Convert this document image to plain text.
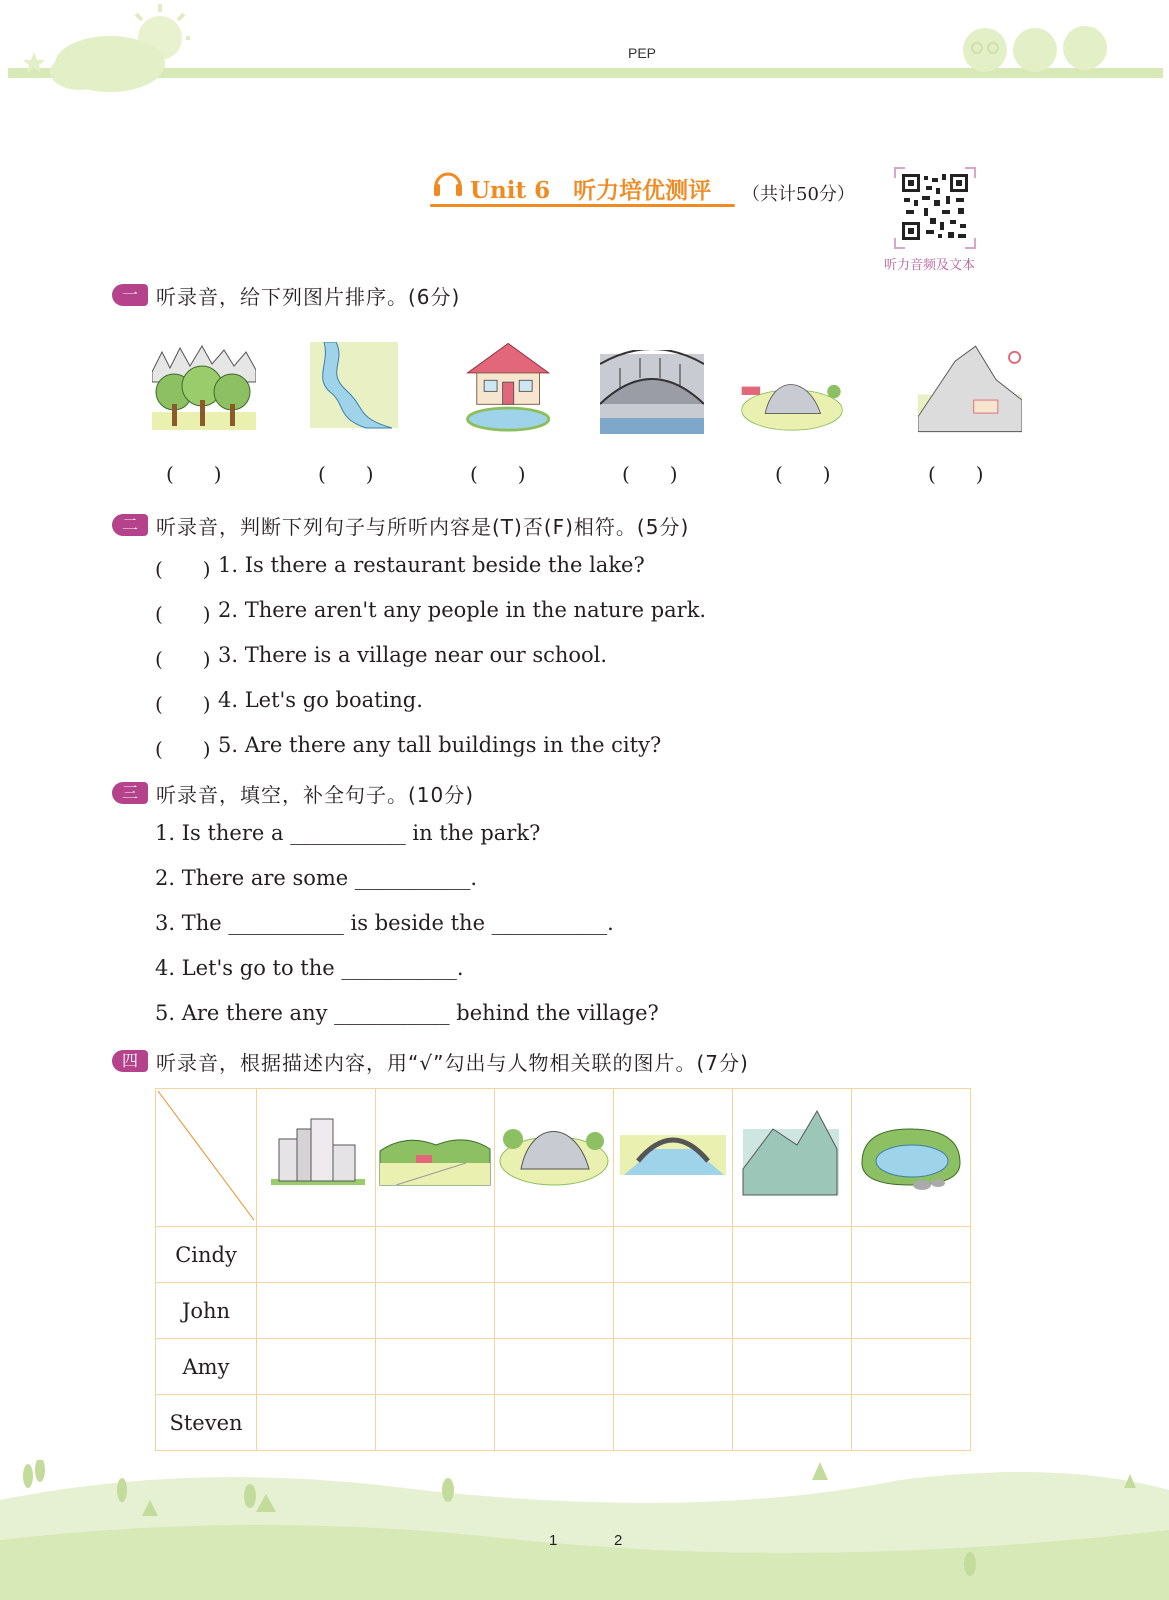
PEP
Unit 6　听力培优测评 （共计50分）
听力音频及文本
一 听录音，给下列图片排序。(6分)
(　　)	(　　)	(　　)	(　　)	(　　)	(　　)
二 听录音，判断下列句子与所听内容是(T)否(F)相符。(5分)
(　　) 1. Is there a restaurant beside the lake?
(　　) 2. There aren't any people in the nature park.
(　　) 3. There is a village near our school.
(　　) 4. Let's go boating.
(　　) 5. Are there any tall buildings in the city?
三 听录音，填空，补全句子。(10分)
1. Is there a ___________ in the park?
2. There are some ___________.
3. The ___________ is beside the ___________.
4. Let's go to the ___________.
5. Are there any ___________ behind the village?
四 听录音，根据描述内容，用“√”勾出与人物相关联的图片。(7分)

Cindy						
John						
Amy						
Steven						
1	2
